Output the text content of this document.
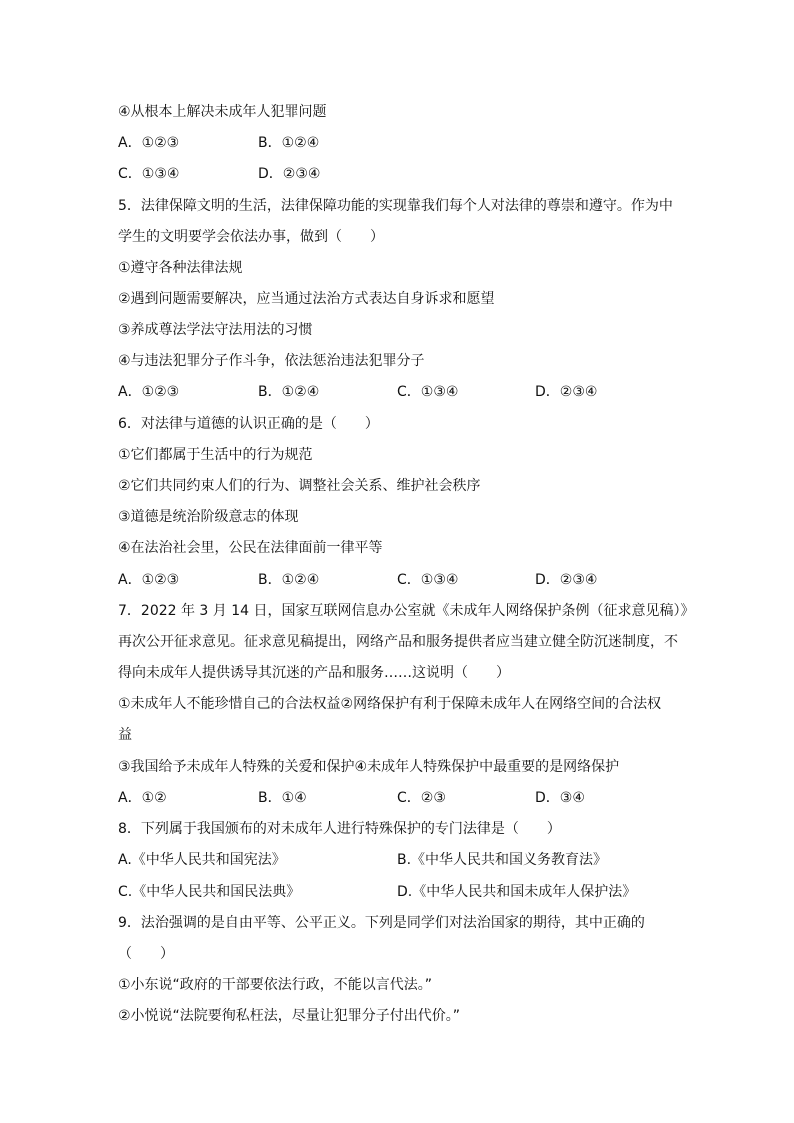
④从根本上解决未成年人犯罪问题
A．①②③	B．①②④
C．①③④	D．②③④
5．法律保障文明的生活，法律保障功能的实现靠我们每个人对法律的尊崇和遵守。作为中
学生的文明要学会依法办事，做到（　　）
①遵守各种法律法规
②遇到问题需要解决，应当通过法治方式表达自身诉求和愿望
③养成尊法学法守法用法的习惯
④与违法犯罪分子作斗争，依法惩治违法犯罪分子
A．①②③	B．①②④	C．①③④	D．②③④
6．对法律与道德的认识正确的是（　　）
①它们都属于生活中的行为规范
②它们共同约束人们的行为、调整社会关系、维护社会秩序
③道德是统治阶级意志的体现
④在法治社会里，公民在法律面前一律平等
A．①②③	B．①②④	C．①③④	D．②③④
7．2022 年 3 月 14 日，国家互联网信息办公室就《未成年人网络保护条例（征求意见稿）》
再次公开征求意见。征求意见稿提出，网络产品和服务提供者应当建立健全防沉迷制度，不
得向未成年人提供诱导其沉迷的产品和服务……这说明（　　）
①未成年人不能珍惜自己的合法权益②网络保护有利于保障未成年人在网络空间的合法权
益
③我国给予未成年人特殊的关爱和保护④未成年人特殊保护中最重要的是网络保护
A．①②	B．①④	C．②③	D．③④
8．下列属于我国颁布的对未成年人进行特殊保护的专门法律是（　　）
A.《中华人民共和国宪法》	B.《中华人民共和国义务教育法》
C.《中华人民共和国民法典》	D.《中华人民共和国未成年人保护法》
9．法治强调的是自由平等、公平正义。下列是同学们对法治国家的期待，其中正确的
（　　）
①小东说“政府的干部要依法行政，不能以言代法。”
②小悦说“法院要徇私枉法，尽量让犯罪分子付出代价。”
